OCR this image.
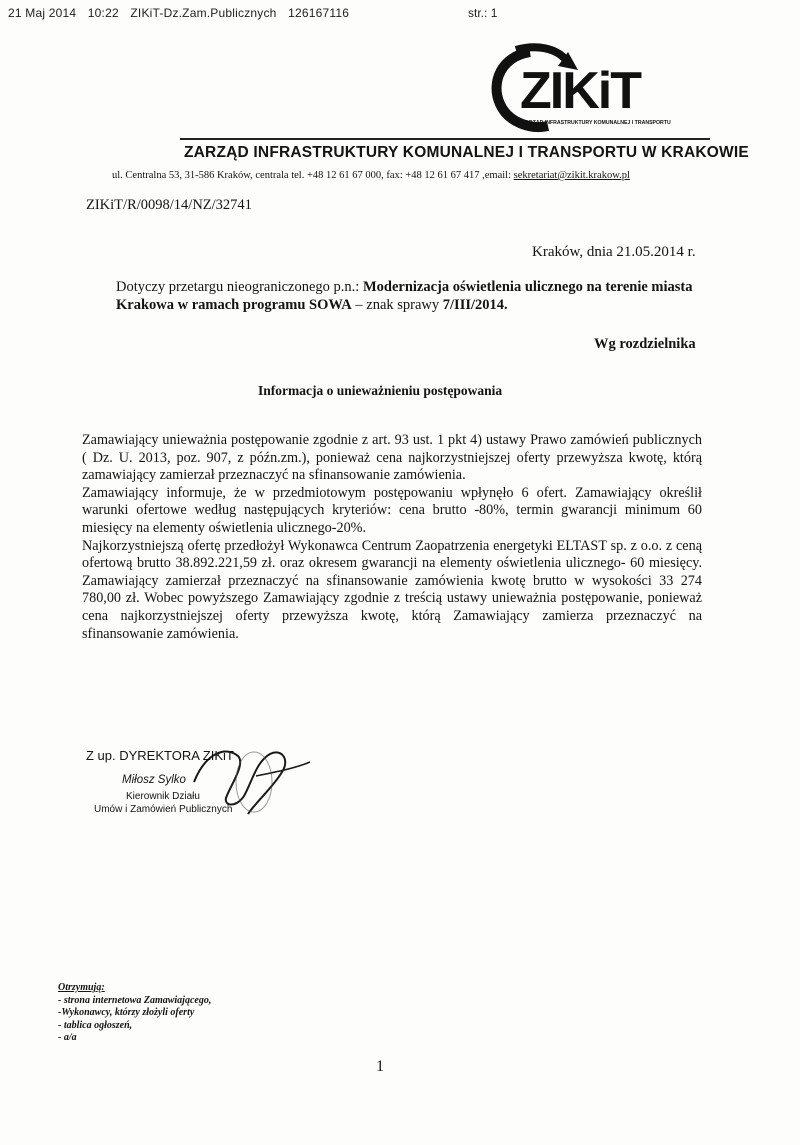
21 Maj 2014 10:22 ZIKiT-Dz.Zam.Publicznych 126167116	str.: 1
ZIKiT
ZARZĄD INFRASTRUKTURY KOMUNALNEJ I TRANSPORTU
ZARZĄD INFRASTRUKTURY KOMUNALNEJ I TRANSPORTU W KRAKOWIE
ul. Centralna 53, 31-586 Kraków, centrala tel. +48 12 61 67 000, fax: +48 12 61 67 417 ,email: sekretariat@zikit.krakow.pl
ZIKiT/R/0098/14/NZ/32741
Kraków, dnia 21.05.2014 r.
Dotyczy przetargu nieograniczonego p.n.: Modernizacja oświetlenia ulicznego na terenie miasta Krakowa w ramach programu SOWA – znak sprawy 7/III/2014.
Wg rozdzielnika
Informacja o unieważnieniu postępowania

Zamawiający unieważnia postępowanie zgodnie z art. 93 ust. 1 pkt 4) ustawy Prawo zamówień publicznych ( Dz. U. 2013, poz. 907, z późn.zm.), ponieważ cena najkorzystniejszej oferty przewyższa kwotę, którą zamawiający zamierzał przeznaczyć na sfinansowanie zamówienia.

Zamawiający informuje, że w przedmiotowym postępowaniu wpłynęło 6 ofert. Zamawiający określił warunki ofertowe według następujących kryteriów: cena brutto -80%, termin gwarancji minimum 60 miesięcy na elementy oświetlenia ulicznego-20%.

Najkorzystniejszą ofertę przedłożył Wykonawca Centrum Zaopatrzenia energetyki ELTAST sp. z o.o. z ceną ofertową brutto 38.892.221,59 zł. oraz okresem gwarancji na elementy oświetlenia ulicznego- 60 miesięcy. Zamawiający zamierzał przeznaczyć na sfinansowanie zamówienia kwotę brutto w wysokości 33 274 780,00 zł. Wobec powyższego Zamawiający zgodnie z treścią ustawy unieważnia postępowanie, ponieważ cena najkorzystniejszej oferty przewyższa kwotę, którą Zamawiający zamierza przeznaczyć na sfinansowanie zamówienia.

Z up. DYREKTORA ZIKiT
Miłosz Sylko
Kierownik Działu
Umów i Zamówień Publicznych
Otrzymują:
- strona internetowa Zamawiającego,
-Wykonawcy, którzy złożyli oferty
- tablica ogłoszeń,
- a/a
1
